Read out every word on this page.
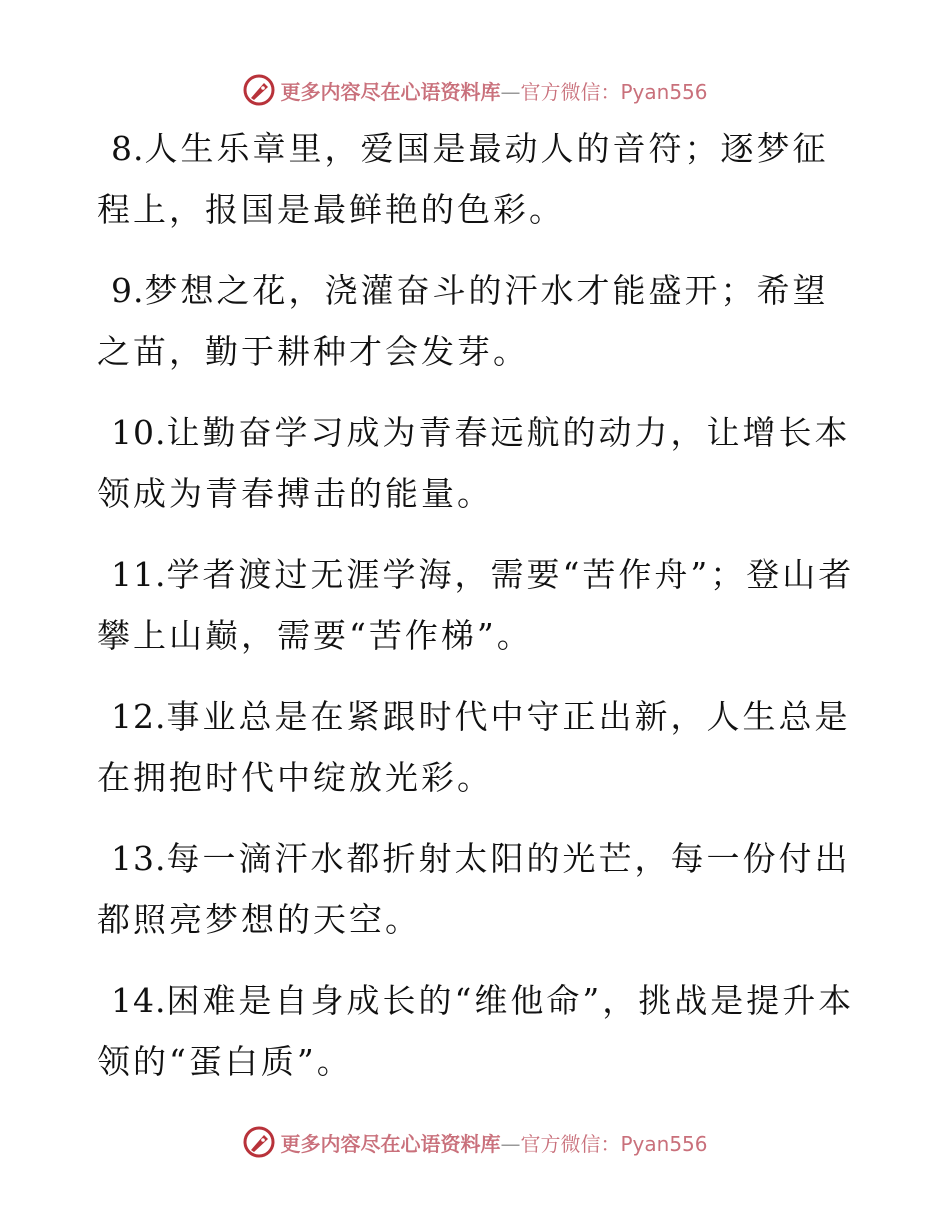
更多内容尽在心语资料库—官方微信：Pyan556

8.人生乐章里，爱国是最动人的音符；逐梦征程上，报国是最鲜艳的色彩。

9.梦想之花，浇灌奋斗的汗水才能盛开；希望之苗，勤于耕种才会发芽。

10.让勤奋学习成为青春远航的动力，让增长本领成为青春搏击的能量。

11.学者渡过无涯学海，需要“苦作舟”；登山者攀上山巅，需要“苦作梯”。

12.事业总是在紧跟时代中守正出新，人生总是在拥抱时代中绽放光彩。

13.每一滴汗水都折射太阳的光芒，每一份付出都照亮梦想的天空。

14.困难是自身成长的“维他命”，挑战是提升本领的“蛋白质”。

更多内容尽在心语资料库—官方微信：Pyan556
